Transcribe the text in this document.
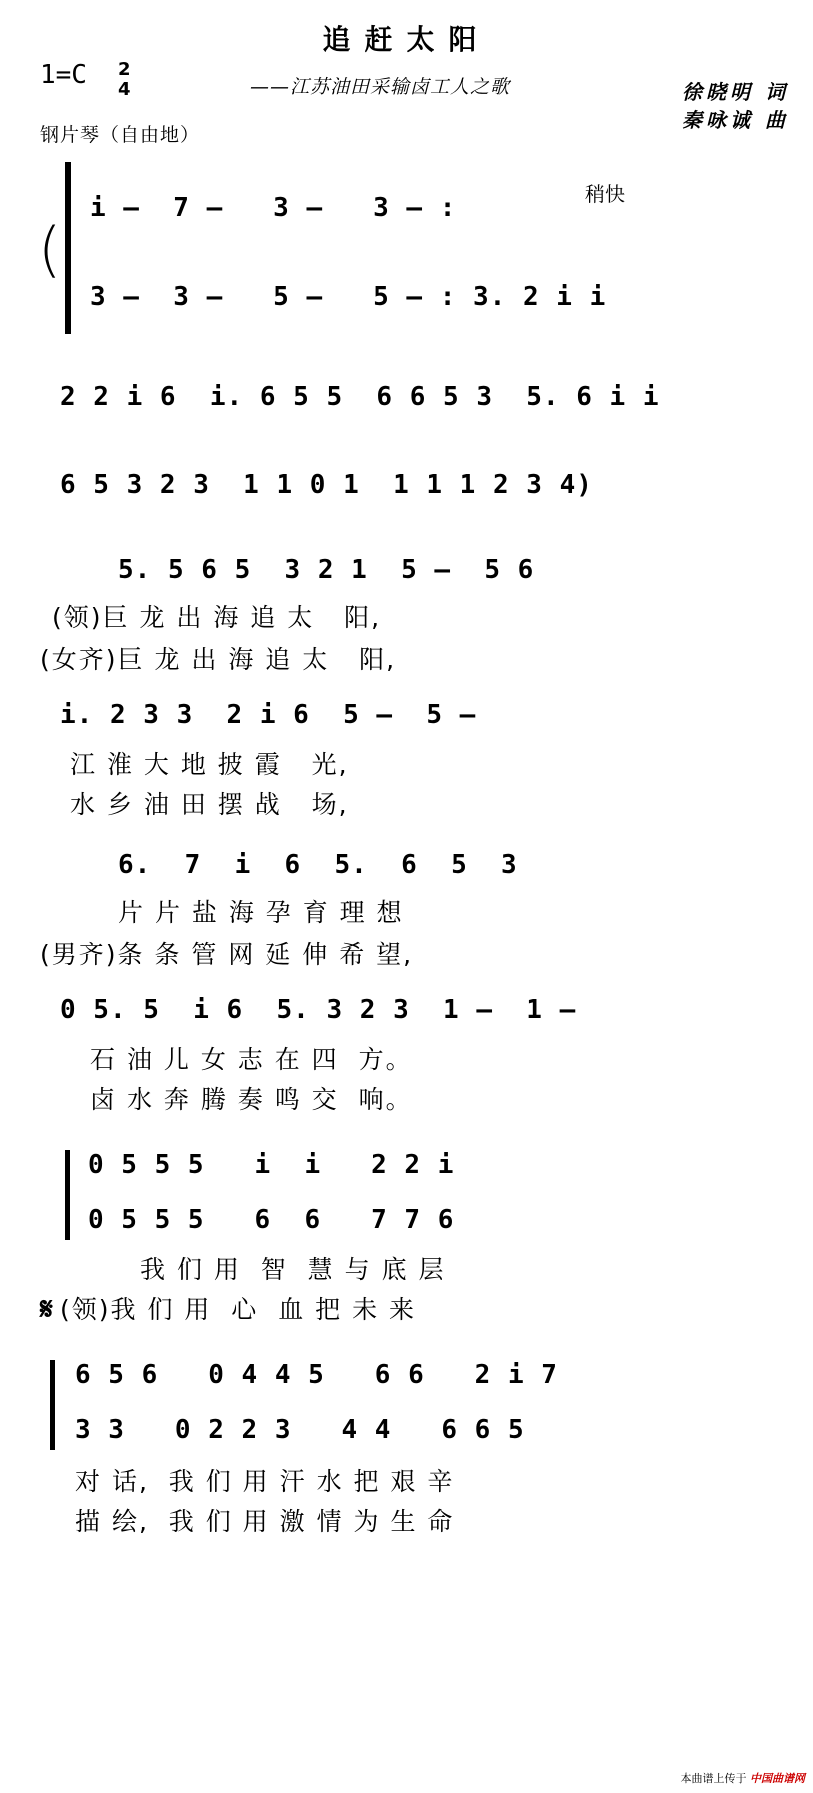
追赶太阳
——江苏油田采输卤工人之歌	徐晓明 词
秦咏诚 曲
1=C 2
4
钢片琴（自由地）
(
i –  7 –   3 –   3 – :
3 –  3 –   5 –   5 – : 3. 2 i i
稍快
2 2 i 6  i. 6 5 5  6 6 5 3  5. 6 i i
6 5 3 2 3  1 1 0 1  1 1 1 2 3 4)
5. 5 6 5  3 2 1  5 –  5 6
(领)巨 龙 出 海 追 太   阳,
(女齐)巨 龙 出 海 追 太   阳,
i. 2 3 3  2 i 6  5 –  5 –
江 淮 大 地 披 霞   光,
水 乡 油 田 摆 战   场,
6.  7  i  6  5.  6  5  3
片 片 盐 海 孕 育 理 想
(男齐)条 条 管 网 延 伸 希 望,
0 5. 5  i 6  5. 3 2 3  1 –  1 –
石 油 儿 女 志 在 四  方。
卤 水 奔 腾 奏 鸣 交  响。
𝄋
0 5 5 5   i  i   2 2 i
0 5 5 5   6  6   7 7 6
我 们 用  智  慧 与 底 层
(领)我 们 用  心  血 把 未 来
6 5 6   0 4 4 5   6 6   2 i 7
3 3   0 2 2 3   4 4   6 6 5
对 话,  我 们 用 汗 水 把 艰 辛
描 绘,  我 们 用 激 情 为 生 命
本曲谱上传于 中国曲谱网
